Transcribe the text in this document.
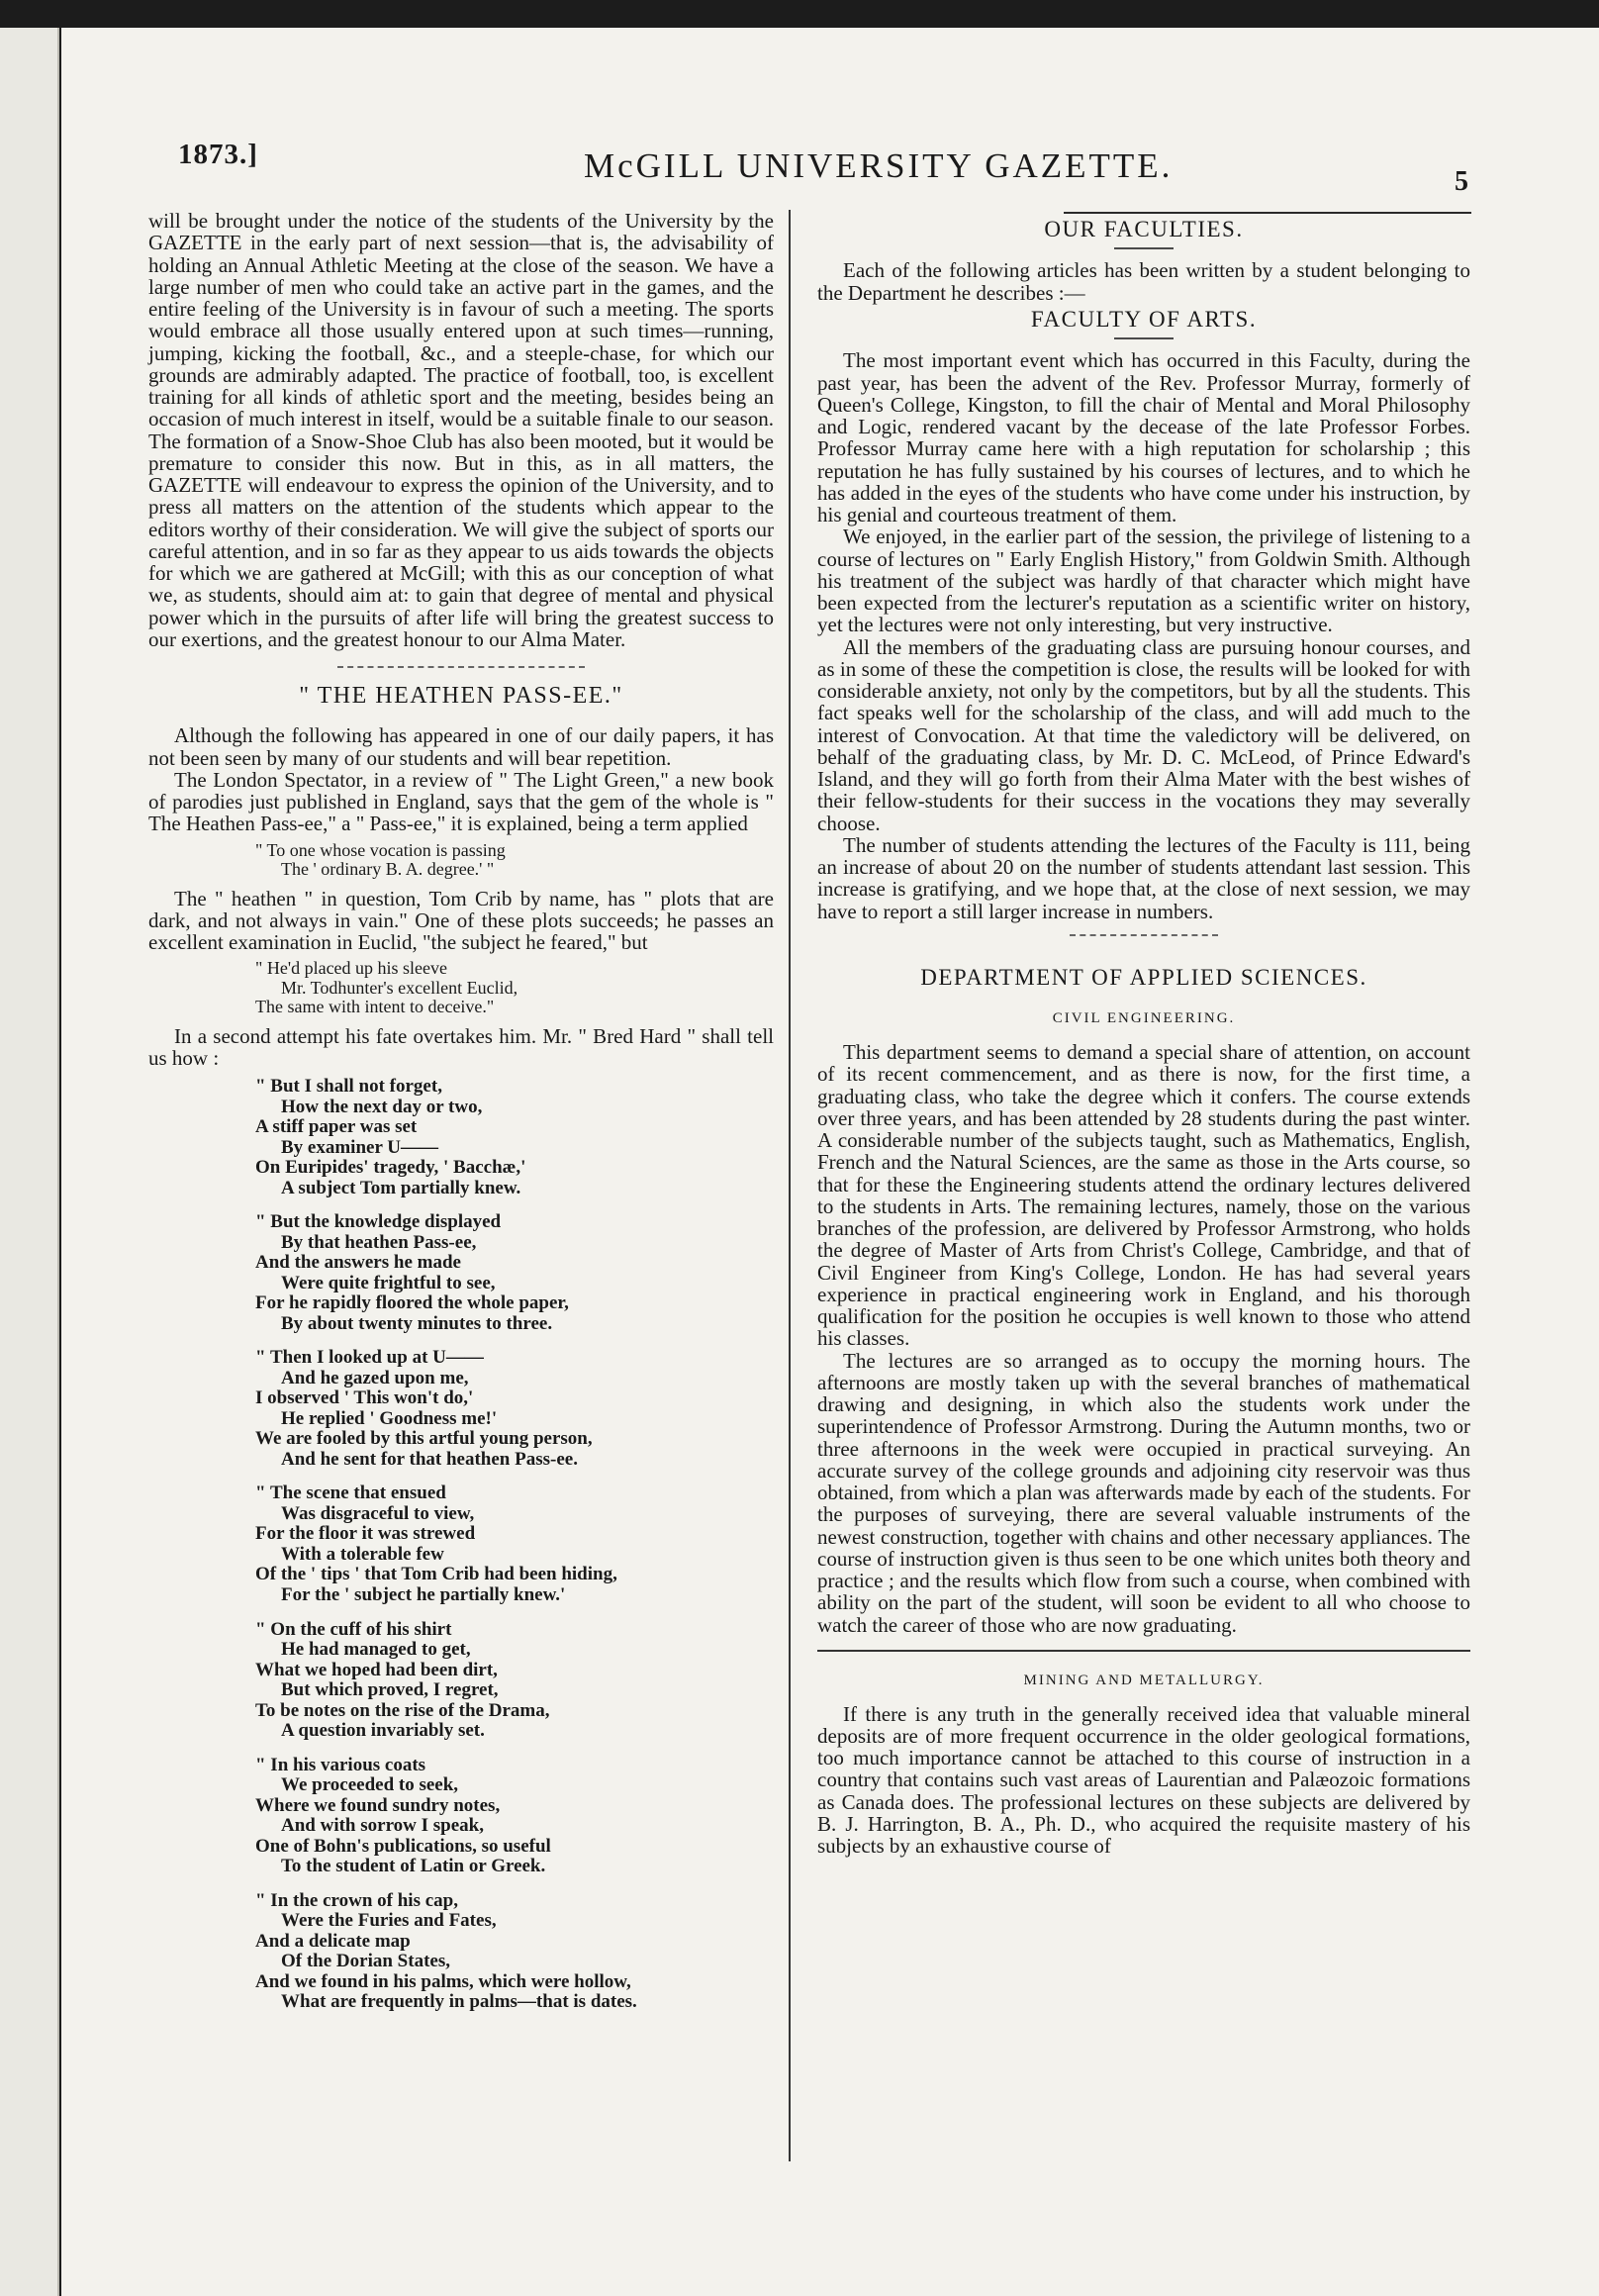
1873.]	McGILL UNIVERSITY GAZETTE.	5

will be brought under the notice of the students of the University by the GAZETTE in the early part of next session—that is, the advisability of holding an Annual Athletic Meeting at the close of the season. We have a large number of men who could take an active part in the games, and the entire feeling of the University is in favour of such a meeting. The sports would embrace all those usually entered upon at such times—running, jumping, kicking the football, &c., and a steeple-chase, for which our grounds are admirably adapted. The practice of football, too, is excellent training for all kinds of athletic sport and the meeting, besides being an occasion of much interest in itself, would be a suitable finale to our season. The formation of a Snow-Shoe Club has also been mooted, but it would be premature to consider this now. But in this, as in all matters, the GAZETTE will endeavour to express the opinion of the University, and to press all matters on the attention of the students which appear to the editors worthy of their consideration. We will give the subject of sports our careful attention, and in so far as they appear to us aids towards the objects for which we are gathered at McGill; with this as our conception of what we, as students, should aim at: to gain that degree of mental and physical power which in the pursuits of after life will bring the greatest success to our exertions, and the greatest honour to our Alma Mater.

" THE HEATHEN PASS-EE."

Although the following has appeared in one of our daily papers, it has not been seen by many of our students and will bear repetition.

The London Spectator, in a review of " The Light Green," a new book of parodies just published in England, says that the gem of the whole is " The Heathen Pass-ee," a " Pass-ee," it is explained, being a term applied

" To one whose vocation is passing
The ' ordinary B. A. degree.' "

The " heathen " in question, Tom Crib by name, has " plots that are dark, and not always in vain." One of these plots succeeds; he passes an excellent examination in Euclid, "the subject he feared," but

" He'd placed up his sleeve
Mr. Todhunter's excellent Euclid,
The same with intent to deceive."

In a second attempt his fate overtakes him. Mr. " Bred Hard " shall tell us how :

" But I shall not forget,
How the next day or two,
A stiff paper was set
By examiner U——
On Euripides' tragedy, ' Bacchæ,'
A subject Tom partially knew.
" But the knowledge displayed
By that heathen Pass-ee,
And the answers he made
Were quite frightful to see,
For he rapidly floored the whole paper,
By about twenty minutes to three.
" Then I looked up at U——
And he gazed upon me,
I observed ' This won't do,'
He replied ' Goodness me!'
We are fooled by this artful young person,
And he sent for that heathen Pass-ee.
" The scene that ensued
Was disgraceful to view,
For the floor it was strewed
With a tolerable few
Of the ' tips ' that Tom Crib had been hiding,
For the ' subject he partially knew.'
" On the cuff of his shirt
He had managed to get,
What we hoped had been dirt,
But which proved, I regret,
To be notes on the rise of the Drama,
A question invariably set.
" In his various coats
We proceeded to seek,
Where we found sundry notes,
And with sorrow I speak,
One of Bohn's publications, so useful
To the student of Latin or Greek.
" In the crown of his cap,
Were the Furies and Fates,
And a delicate map
Of the Dorian States,
And we found in his palms, which were hollow,
What are frequently in palms—that is dates.
OUR FACULTIES.

Each of the following articles has been written by a student belonging to the Department he describes :—

FACULTY OF ARTS.

The most important event which has occurred in this Faculty, during the past year, has been the advent of the Rev. Professor Murray, formerly of Queen's College, Kingston, to fill the chair of Mental and Moral Philosophy and Logic, rendered vacant by the decease of the late Professor Forbes. Professor Murray came here with a high reputation for scholarship ; this reputation he has fully sustained by his courses of lectures, and to which he has added in the eyes of the students who have come under his instruction, by his genial and courteous treatment of them.

We enjoyed, in the earlier part of the session, the privilege of listening to a course of lectures on " Early English History," from Goldwin Smith. Although his treatment of the subject was hardly of that character which might have been expected from the lecturer's reputation as a scientific writer on history, yet the lectures were not only interesting, but very instructive.

All the members of the graduating class are pursuing honour courses, and as in some of these the competition is close, the results will be looked for with considerable anxiety, not only by the competitors, but by all the students. This fact speaks well for the scholarship of the class, and will add much to the interest of Convocation. At that time the valedictory will be delivered, on behalf of the graduating class, by Mr. D. C. McLeod, of Prince Edward's Island, and they will go forth from their Alma Mater with the best wishes of their fellow-students for their success in the vocations they may severally choose.

The number of students attending the lectures of the Faculty is 111, being an increase of about 20 on the number of students attendant last session. This increase is gratifying, and we hope that, at the close of next session, we may have to report a still larger increase in numbers.

DEPARTMENT OF APPLIED SCIENCES.
CIVIL ENGINEERING.

This department seems to demand a special share of attention, on account of its recent commencement, and as there is now, for the first time, a graduating class, who take the degree which it confers. The course extends over three years, and has been attended by 28 students during the past winter. A considerable number of the subjects taught, such as Mathematics, English, French and the Natural Sciences, are the same as those in the Arts course, so that for these the Engineering students attend the ordinary lectures delivered to the students in Arts. The remaining lectures, namely, those on the various branches of the profession, are delivered by Professor Armstrong, who holds the degree of Master of Arts from Christ's College, Cambridge, and that of Civil Engineer from King's College, London. He has had several years experience in practical engineering work in England, and his thorough qualification for the position he occupies is well known to those who attend his classes.

The lectures are so arranged as to occupy the morning hours. The afternoons are mostly taken up with the several branches of mathematical drawing and designing, in which also the students work under the superintendence of Professor Armstrong. During the Autumn months, two or three afternoons in the week were occupied in practical surveying. An accurate survey of the college grounds and adjoining city reservoir was thus obtained, from which a plan was afterwards made by each of the students. For the purposes of surveying, there are several valuable instruments of the newest construction, together with chains and other necessary appliances. The course of instruction given is thus seen to be one which unites both theory and practice ; and the results which flow from such a course, when combined with ability on the part of the student, will soon be evident to all who choose to watch the career of those who are now graduating.

MINING AND METALLURGY.

If there is any truth in the generally received idea that valuable mineral deposits are of more frequent occurrence in the older geological formations, too much importance cannot be attached to this course of instruction in a country that contains such vast areas of Laurentian and Palæozoic formations as Canada does. The professional lectures on these subjects are delivered by B. J. Harrington, B. A., Ph. D., who acquired the requisite mastery of his subjects by an exhaustive course of
